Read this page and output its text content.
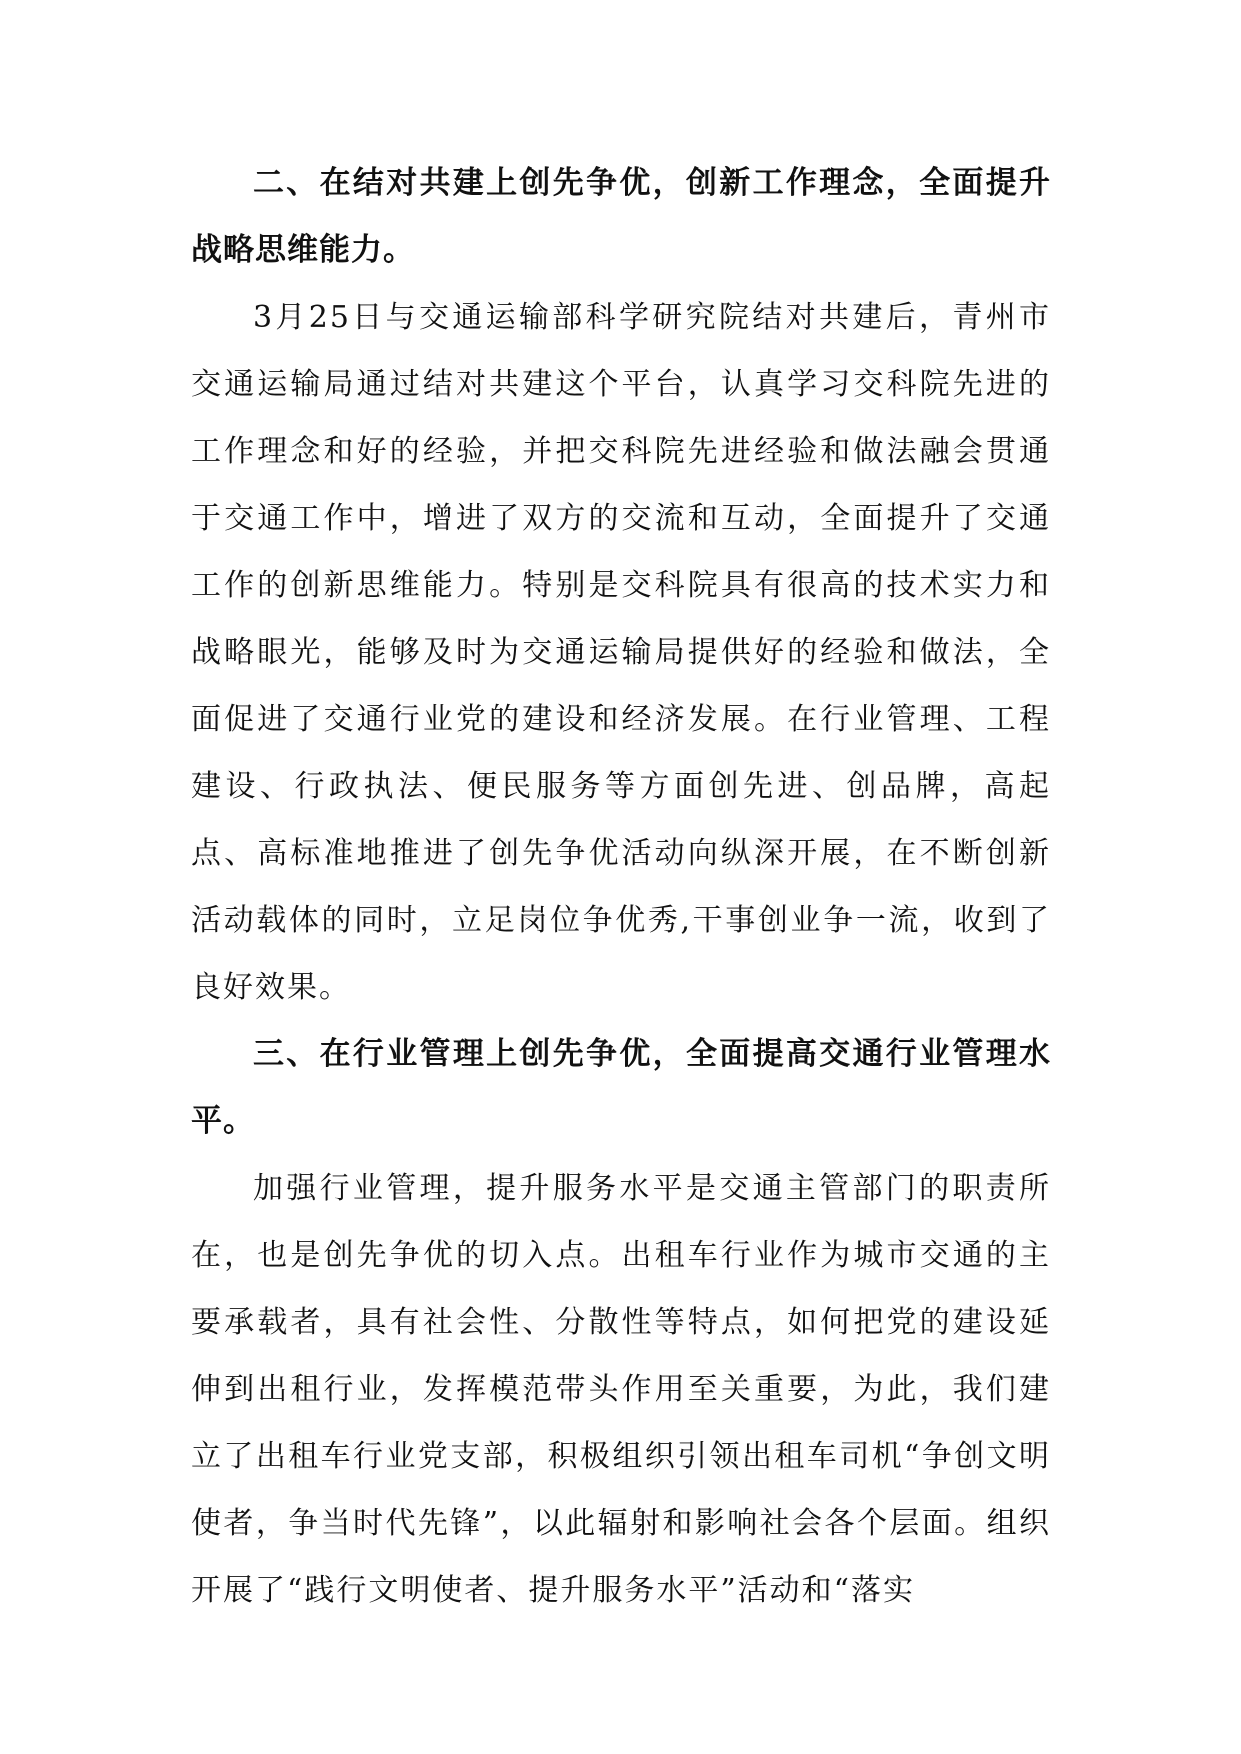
二、在结对共建上创先争优，创新工作理念，全面提升战略思维能力。

3月25日与交通运输部科学研究院结对共建后，青州市交通运输局通过结对共建这个平台，认真学习交科院先进的工作理念和好的经验，并把交科院先进经验和做法融会贯通于交通工作中，增进了双方的交流和互动，全面提升了交通工作的创新思维能力。特别是交科院具有很高的技术实力和战略眼光，能够及时为交通运输局提供好的经验和做法，全面促进了交通行业党的建设和经济发展。在行业管理、工程建设、行政执法、便民服务等方面创先进、创品牌，高起点、高标准地推进了创先争优活动向纵深开展，在不断创新活动载体的同时，立足岗位争优秀,干事创业争一流，收到了良好效果。

三、在行业管理上创先争优，全面提高交通行业管理水平。

加强行业管理，提升服务水平是交通主管部门的职责所在，也是创先争优的切入点。出租车行业作为城市交通的主要承载者，具有社会性、分散性等特点，如何把党的建设延伸到出租行业，发挥模范带头作用至关重要，为此，我们建立了出租车行业党支部，积极组织引领出租车司机“争创文明使者，争当时代先锋”，以此辐射和影响社会各个层面。组织开展了“践行文明使者、提升服务水平”活动和“落实
